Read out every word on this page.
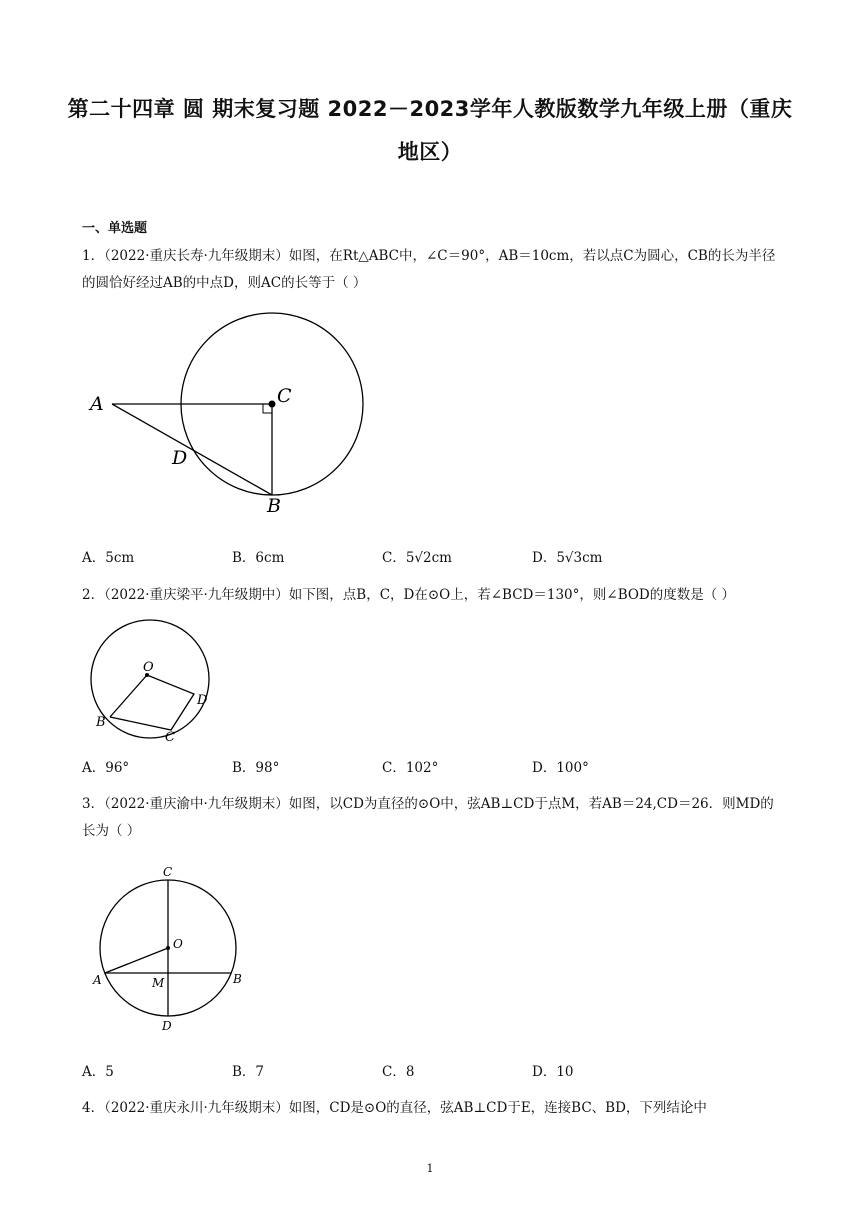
第二十四章 圆 期末复习题 2022－2023学年人教版数学九年级上册（重庆地区）
一、单选题
1．（2022·重庆长寿·九年级期末）如图，在Rt△ABC中，∠C＝90°，AB＝10cm，若以点C为圆心，CB的长为半径的圆恰好经过AB的中点D，则AC的长等于（ ）
A	C
D
B
A．5cm	B．6cm	C．5√2cm	D．5√3cm
2．（2022·重庆梁平·九年级期中）如下图，点B，C，D在⊙O上，若∠BCD＝130°，则∠BOD的度数是（ ）
O
D
B
C
A．96°	B．98°	C．102°	D．100°
3．（2022·重庆渝中·九年级期末）如图，以CD为直径的⊙O中，弦AB⊥CD于点M，若AB＝24,CD＝26．则MD的长为（ ）
C
O
A	M	B
D
A．5	B．7	C．8	D．10
4．（2022·重庆永川·九年级期末）如图，CD是⊙O的直径，弦AB⊥CD于E，连接BC、BD，下列结论中
1
